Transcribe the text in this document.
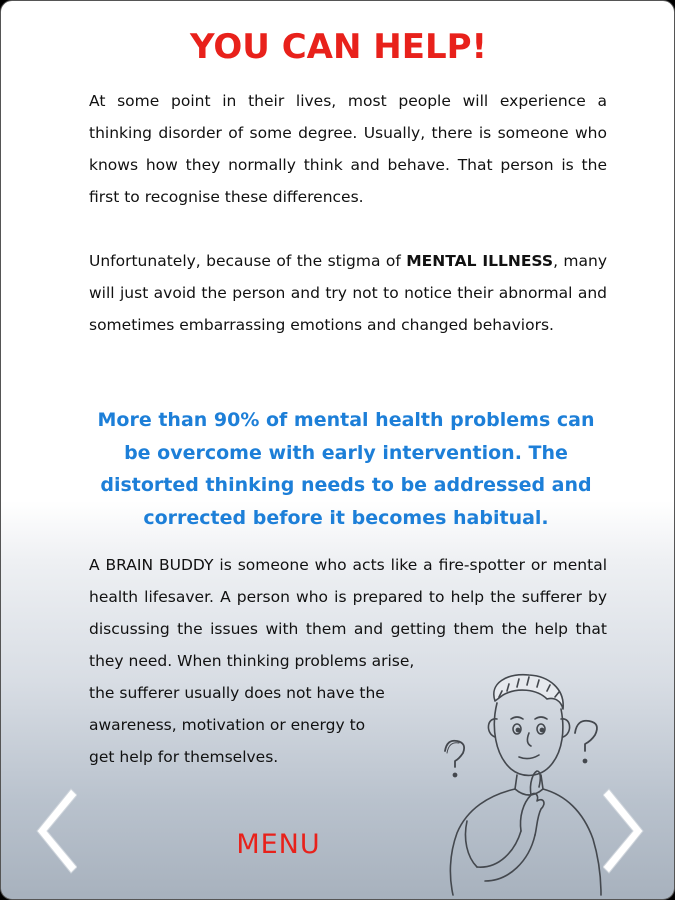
YOU CAN HELP!

At some point in their lives, most people will experience a thinking disorder of some degree. Usually, there is someone who knows how they normally think and behave. That person is the first to recognise these differences.

Unfortunately, because of the stigma of MENTAL ILLNESS, many will just avoid the person and try not to notice their abnormal and sometimes embarrassing emotions and changed behaviors.

More than 90% of mental health problems can be overcome with early intervention. The distorted thinking needs to be addressed and corrected before it becomes habitual.

A BRAIN BUDDY is someone who acts like a fire-spotter or mental health lifesaver. A person who is prepared to help the sufferer by discussing the issues with them and getting them the help that they need. When thinking problems arise,

the sufferer usually does not have the
awareness, motivation or energy to
get help for themselves.
MENU
